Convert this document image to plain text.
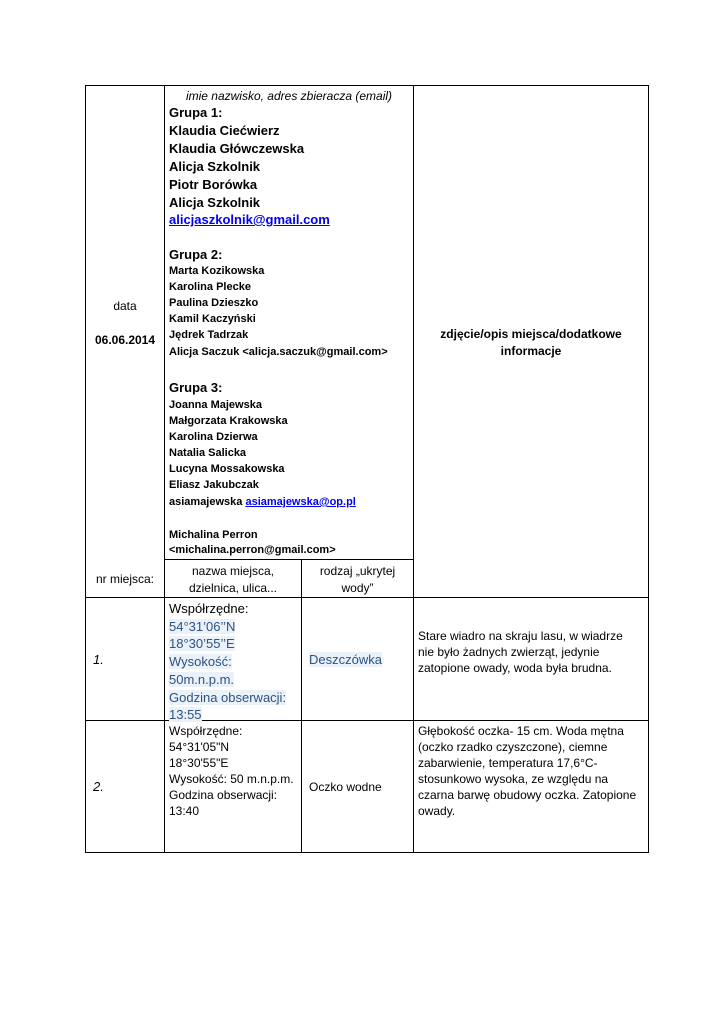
data
06.06.2014
imie nazwisko, adres zbieracza (email)
Grupa 1:
Klaudia Ciećwierz
Klaudia Główczewska
Alicja Szkolnik
Piotr Borówka
Alicja Szkolnik
alicjaszkolnik@gmail.com
Grupa 2:
Marta Kozikowska
Karolina Plecke
Paulina Dzieszko
Kamil Kaczyński
Jędrek Tadrzak
Alicja Saczuk <alicja.saczuk@gmail.com>
Grupa 3:
Joanna Majewska
Małgorzata Krakowska
Karolina Dzierwa
Natalia Salicka
Lucyna Mossakowska
Eliasz Jakubczak
asiamajewska asiamajewska@op.pl
Michalina Perron
<michalina.perron@gmail.com>
zdjęcie/opis miejsca/dodatkowe
informacje
nr miejsca:
nazwa miejsca,
dzielnica, ulica...
rodzaj „ukrytej
wody”
1.
Współrzędne:
54°31’06’’N
18°30’55’’E
Wysokość:
50m.n.p.m.
Godzina obserwacji:
13:55
Deszczówka
Stare wiadro na skraju lasu, w wiadrze
nie było żadnych zwierząt, jedynie
zatopione owady, woda była brudna.
2.
Współrzędne:
54°31'05"N
18°30'55"E
Wysokość: 50 m.n.p.m.
Godzina obserwacji:
13:40
Oczko wodne
Głębokość oczka- 15 cm. Woda mętna
(oczko rzadko czyszczone), ciemne
zabarwienie, temperatura 17,6°C-
stosunkowo wysoka, ze względu na
czarna barwę obudowy oczka. Zatopione
owady.
